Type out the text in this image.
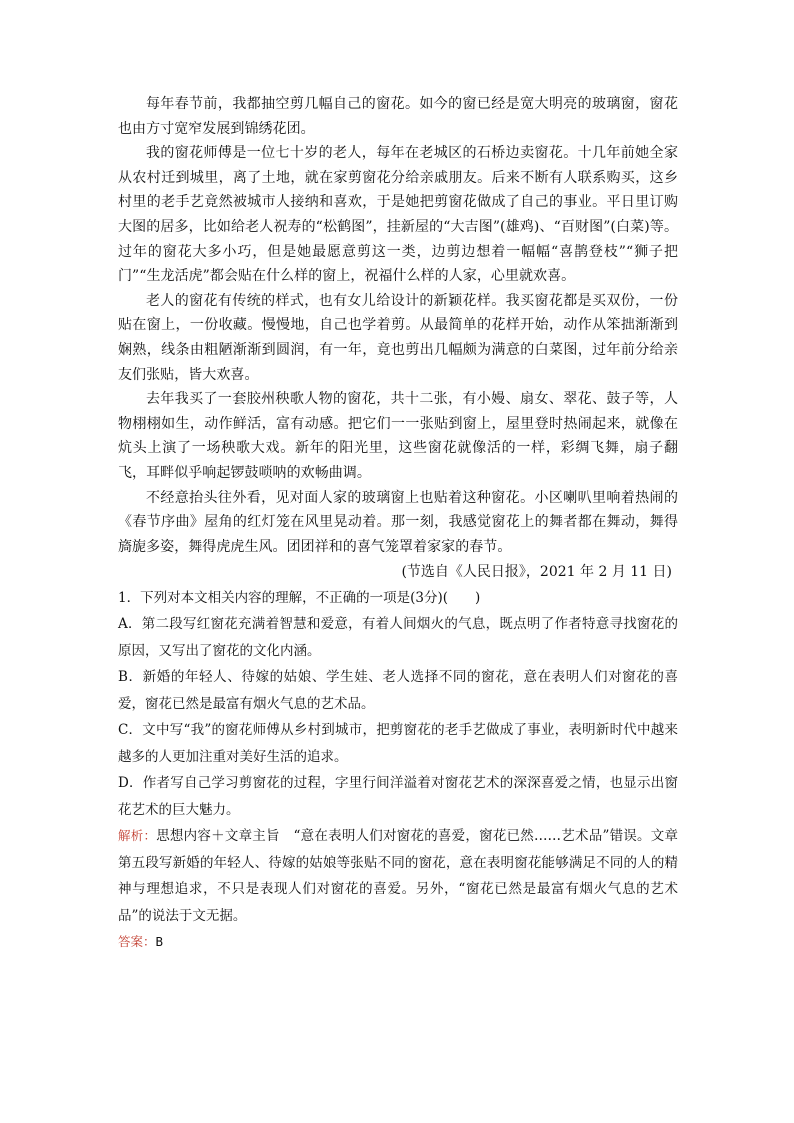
每年春节前，我都抽空剪几幅自己的窗花。如今的窗已经是宽大明亮的玻璃窗，窗花也由方寸宽窄发展到锦绣花团。

我的窗花师傅是一位七十岁的老人，每年在老城区的石桥边卖窗花。十几年前她全家从农村迁到城里，离了土地，就在家剪窗花分给亲戚朋友。后来不断有人联系购买，这乡村里的老手艺竟然被城市人接纳和喜欢，于是她把剪窗花做成了自己的事业。平日里订购大图的居多，比如给老人祝寿的“松鹤图”，挂新屋的“大吉图”(雄鸡)、“百财图”(白菜)等。过年的窗花大多小巧，但是她最愿意剪这一类，边剪边想着一幅幅“喜鹊登枝”“狮子把门”“生龙活虎”都会贴在什么样的窗上，祝福什么样的人家，心里就欢喜。

老人的窗花有传统的样式，也有女儿给设计的新颖花样。我买窗花都是买双份，一份贴在窗上，一份收藏。慢慢地，自己也学着剪。从最简单的花样开始，动作从笨拙渐渐到娴熟，线条由粗陋渐渐到圆润，有一年，竟也剪出几幅颇为满意的白菜图，过年前分给亲友们张贴，皆大欢喜。

去年我买了一套胶州秧歌人物的窗花，共十二张，有小嫚、扇女、翠花、鼓子等，人物栩栩如生，动作鲜活，富有动感。把它们一一张贴到窗上，屋里登时热闹起来，就像在炕头上演了一场秧歌大戏。新年的阳光里，这些窗花就像活的一样，彩绸飞舞，扇子翻飞，耳畔似乎响起锣鼓唢呐的欢畅曲调。

不经意抬头往外看，见对面人家的玻璃窗上也贴着这种窗花。小区喇叭里响着热闹的《春节序曲》屋角的红灯笼在风里晃动着。那一刻，我感觉窗花上的舞者都在舞动，舞得旖旎多姿，舞得虎虎生风。团团祥和的喜气笼罩着家家的春节。

(节选自《人民日报》，2021 年 2 月 11 日)

1．下列对本文相关内容的理解，不正确的一项是(3分)(　　)

A．第二段写红窗花充满着智慧和爱意，有着人间烟火的气息，既点明了作者特意寻找窗花的原因，又写出了窗花的文化内涵。

B．新婚的年轻人、待嫁的姑娘、学生娃、老人选择不同的窗花，意在表明人们对窗花的喜爱，窗花已然是最富有烟火气息的艺术品。

C．文中写“我”的窗花师傅从乡村到城市，把剪窗花的老手艺做成了事业，表明新时代中越来越多的人更加注重对美好生活的追求。

D．作者写自己学习剪窗花的过程，字里行间洋溢着对窗花艺术的深深喜爱之情，也显示出窗花艺术的巨大魅力。

解析：思想内容＋文章主旨　“意在表明人们对窗花的喜爱，窗花已然……艺术品”错误。文章第五段写新婚的年轻人、待嫁的姑娘等张贴不同的窗花，意在表明窗花能够满足不同的人的精神与理想追求，不只是表现人们对窗花的喜爱。另外，“窗花已然是最富有烟火气息的艺术品”的说法于文无据。

答案：B
